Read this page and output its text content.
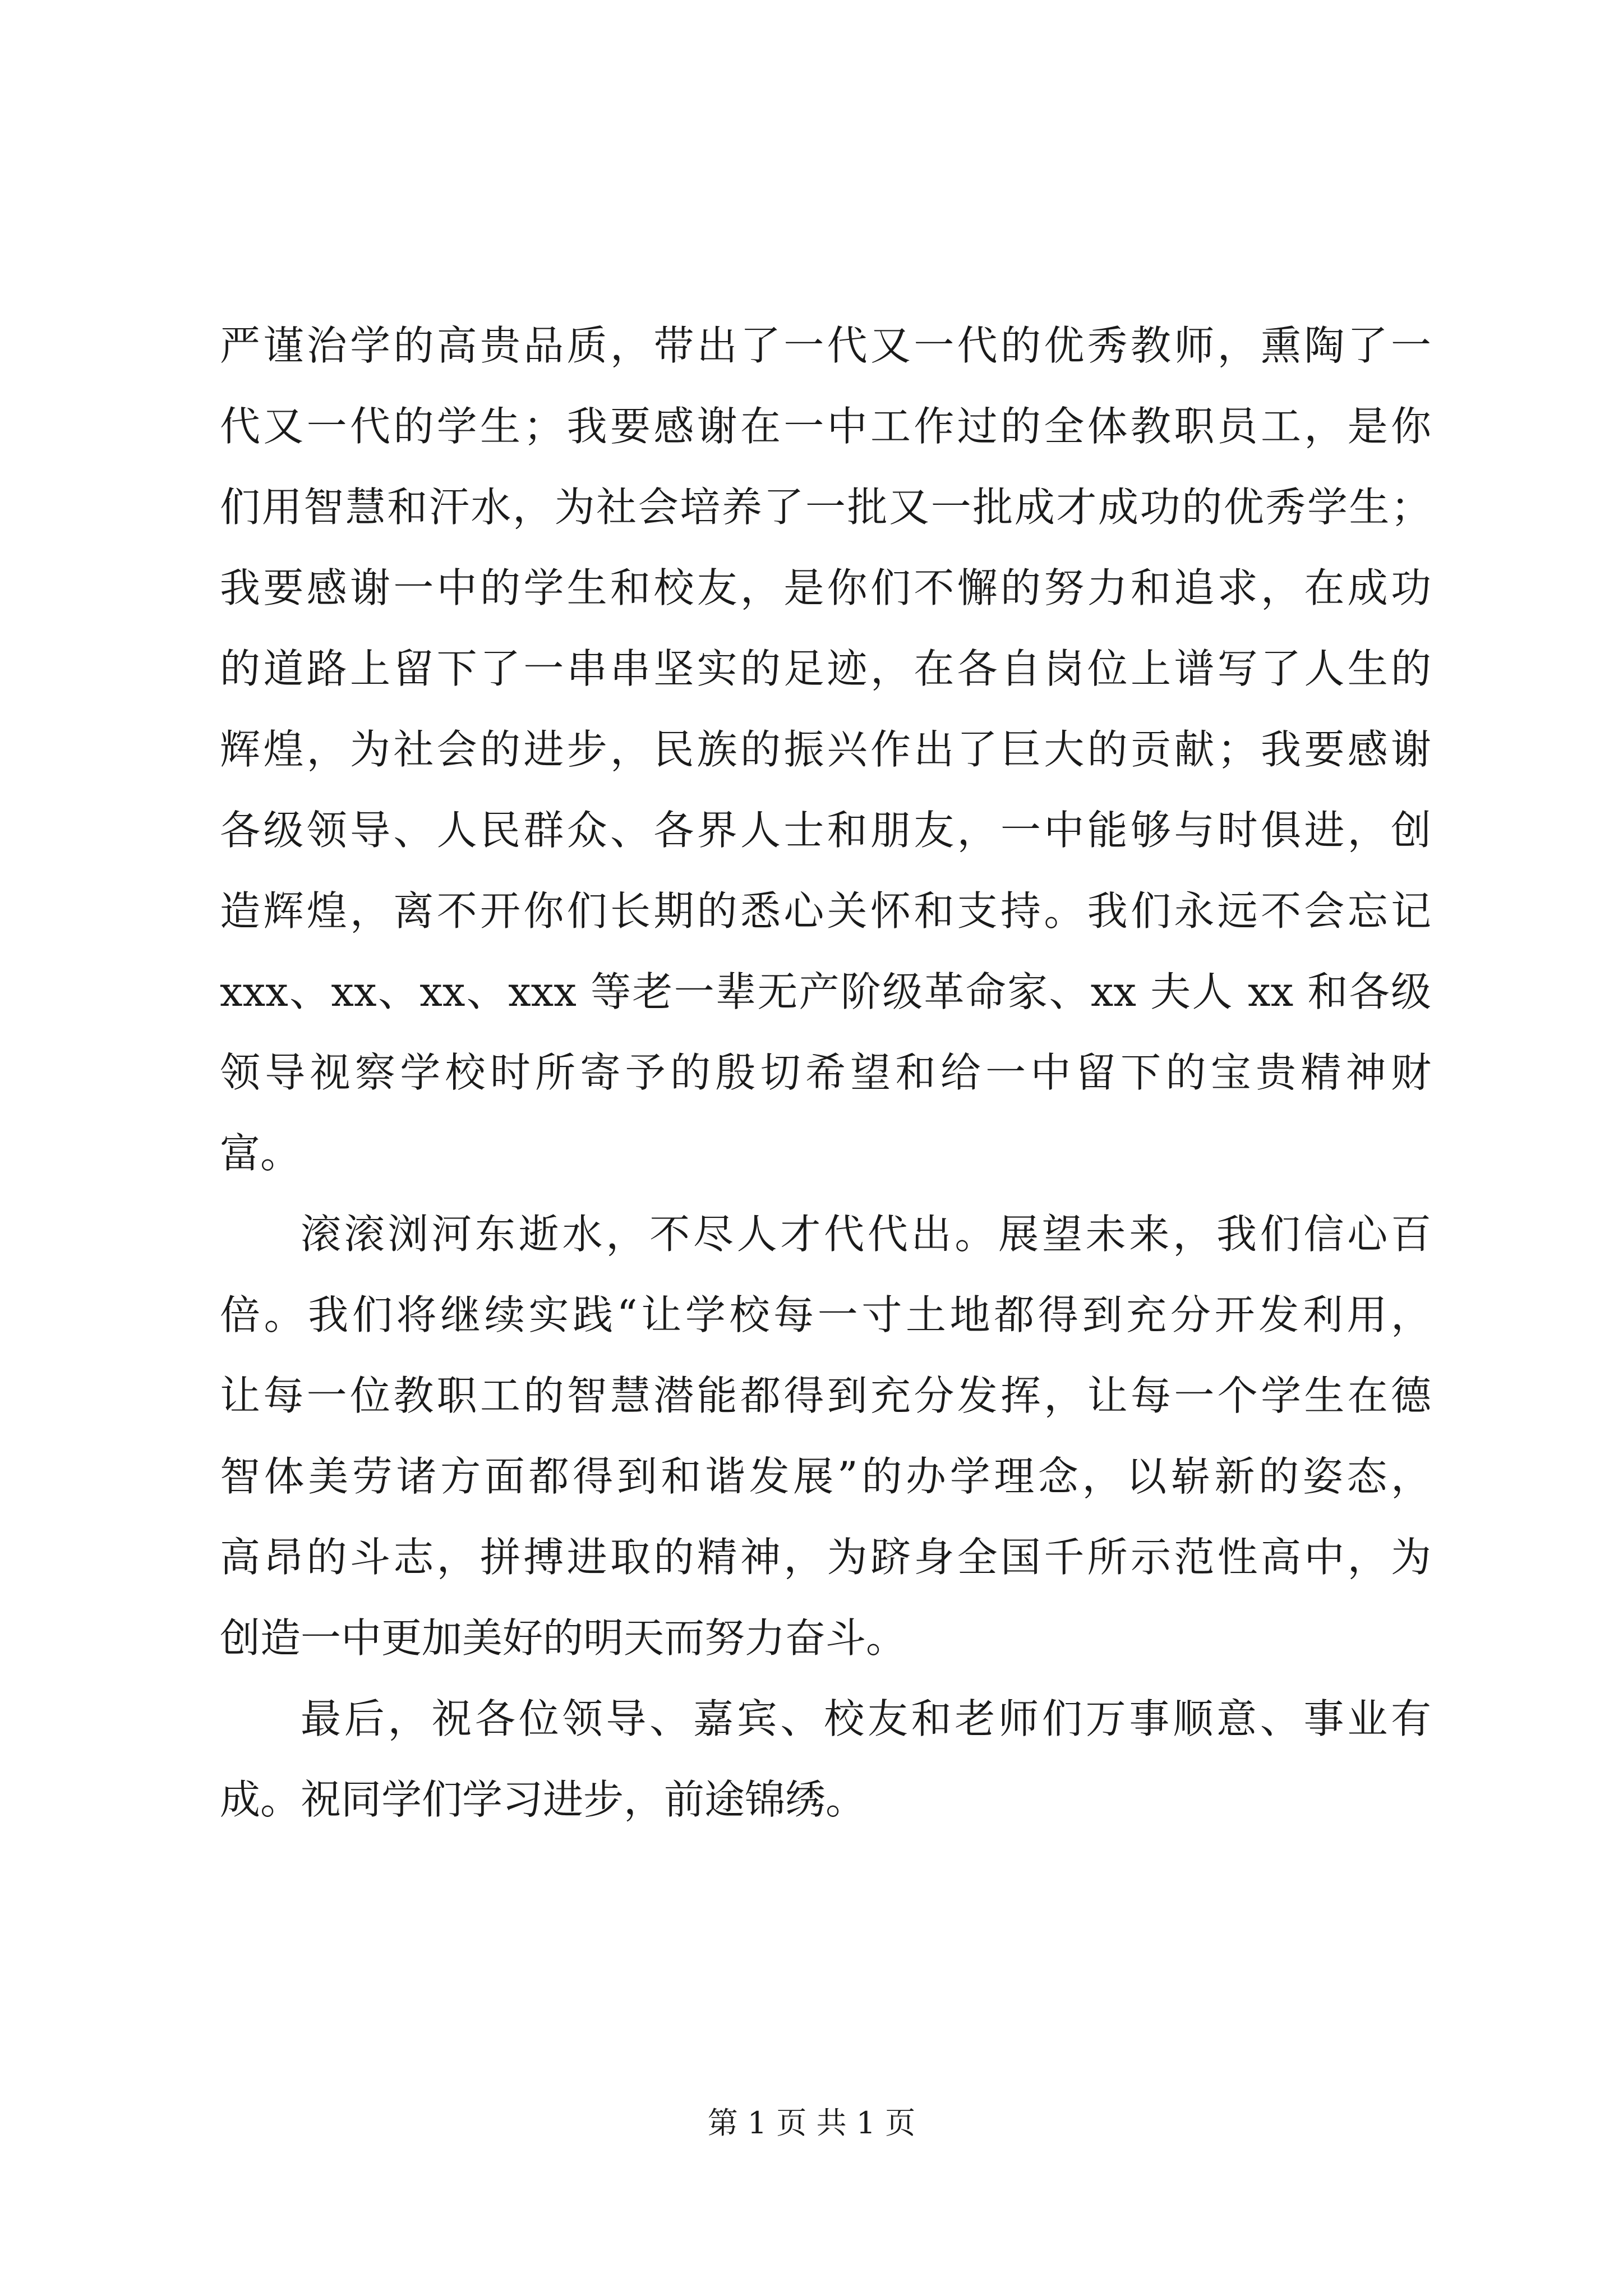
严谨治学的高贵品质，带出了一代又一代的优秀教师，熏陶了一
代又一代的学生；我要感谢在一中工作过的全体教职员工，是你
们用智慧和汗水，为社会培养了一批又一批成才成功的优秀学生；
我要感谢一中的学生和校友，是你们不懈的努力和追求，在成功
的道路上留下了一串串坚实的足迹，在各自岗位上谱写了人生的
辉煌，为社会的进步，民族的振兴作出了巨大的贡献；我要感谢
各级领导、人民群众、各界人士和朋友，一中能够与时俱进，创
造辉煌，离不开你们长期的悉心关怀和支持。我们永远不会忘记
xxx、xx、xx、xxx 等老一辈无产阶级革命家、xx 夫人 xx 和各级
领导视察学校时所寄予的殷切希望和给一中留下的宝贵精神财
富。
滚滚浏河东逝水，不尽人才代代出。展望未来，我们信心百
倍。我们将继续实践“让学校每一寸土地都得到充分开发利用，
让每一位教职工的智慧潜能都得到充分发挥，让每一个学生在德
智体美劳诸方面都得到和谐发展”的办学理念，以崭新的姿态，
高昂的斗志，拼搏进取的精神，为跻身全国千所示范性高中，为
创造一中更加美好的明天而努力奋斗。
最后，祝各位领导、嘉宾、校友和老师们万事顺意、事业有
成。祝同学们学习进步，前途锦绣。
第 1 页 共 1 页
